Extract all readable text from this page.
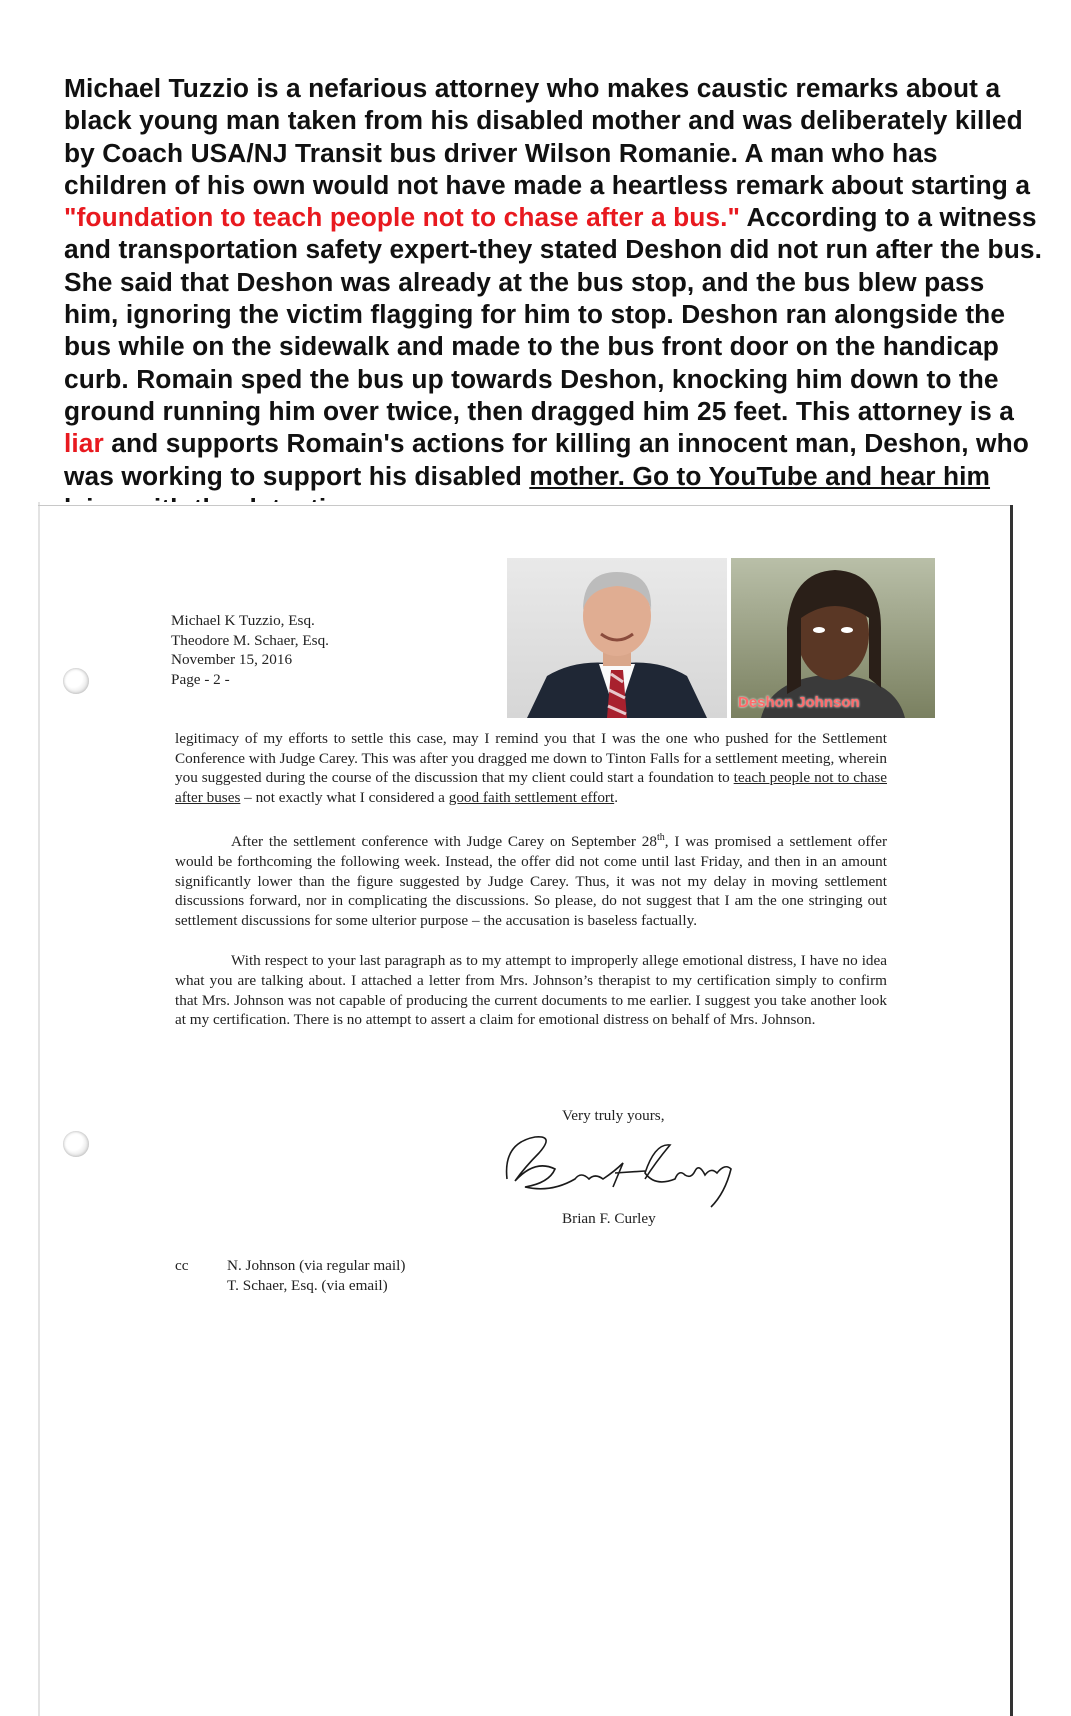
Michael Tuzzio is a nefarious attorney who makes caustic remarks about a black young man taken from his disabled mother and was deliberately killed by Coach USA/NJ Transit bus driver Wilson Romanie. A man who has children of his own would not have made a heartless remark about starting a "foundation to teach people not to chase after a bus." According to a witness and transportation safety expert-they stated Deshon did not run after the bus. She said that Deshon was already at the bus stop, and the bus blew pass him, ignoring the victim flagging for him to stop. Deshon ran alongside the bus while on the sidewalk and made to the bus front door on the handicap curb. Romain sped the bus up towards Deshon, knocking him down to the ground running him over twice, then dragged him 25 feet. This attorney is a liar and supports Romain's actions for killing an innocent man, Deshon, who was working to support his disabled mother. Go to YouTube and hear him
Deshon Johnson
Michael K Tuzzio, Esq.
Theodore M. Schaer, Esq.
November 15, 2016
Page - 2 -

legitimacy of my efforts to settle this case, may I remind you that I was the one who pushed for the Settlement Conference with Judge Carey. This was after you dragged me down to Tinton Falls for a settlement meeting, wherein you suggested during the course of the discussion that my client could start a foundation to teach people not to chase after buses – not exactly what I considered a good faith settlement effort.

After the settlement conference with Judge Carey on September 28th, I was promised a settlement offer would be forthcoming the following week. Instead, the offer did not come until last Friday, and then in an amount significantly lower than the figure suggested by Judge Carey. Thus, it was not my delay in moving settlement discussions forward, nor in complicating the discussions. So please, do not suggest that I am the one stringing out settlement discussions for some ulterior purpose – the accusation is baseless factually.

With respect to your last paragraph as to my attempt to improperly allege emotional distress, I have no idea what you are talking about. I attached a letter from Mrs. Johnson’s therapist to my certification simply to confirm that Mrs. Johnson was not capable of producing the current documents to me earlier. I suggest you take another look at my certification. There is no attempt to assert a claim for emotional distress on behalf of Mrs. Johnson.

Very truly yours,
Brian F. Curley
cc	N. Johnson (via regular mail)
	T. Schaer, Esq. (via email)
